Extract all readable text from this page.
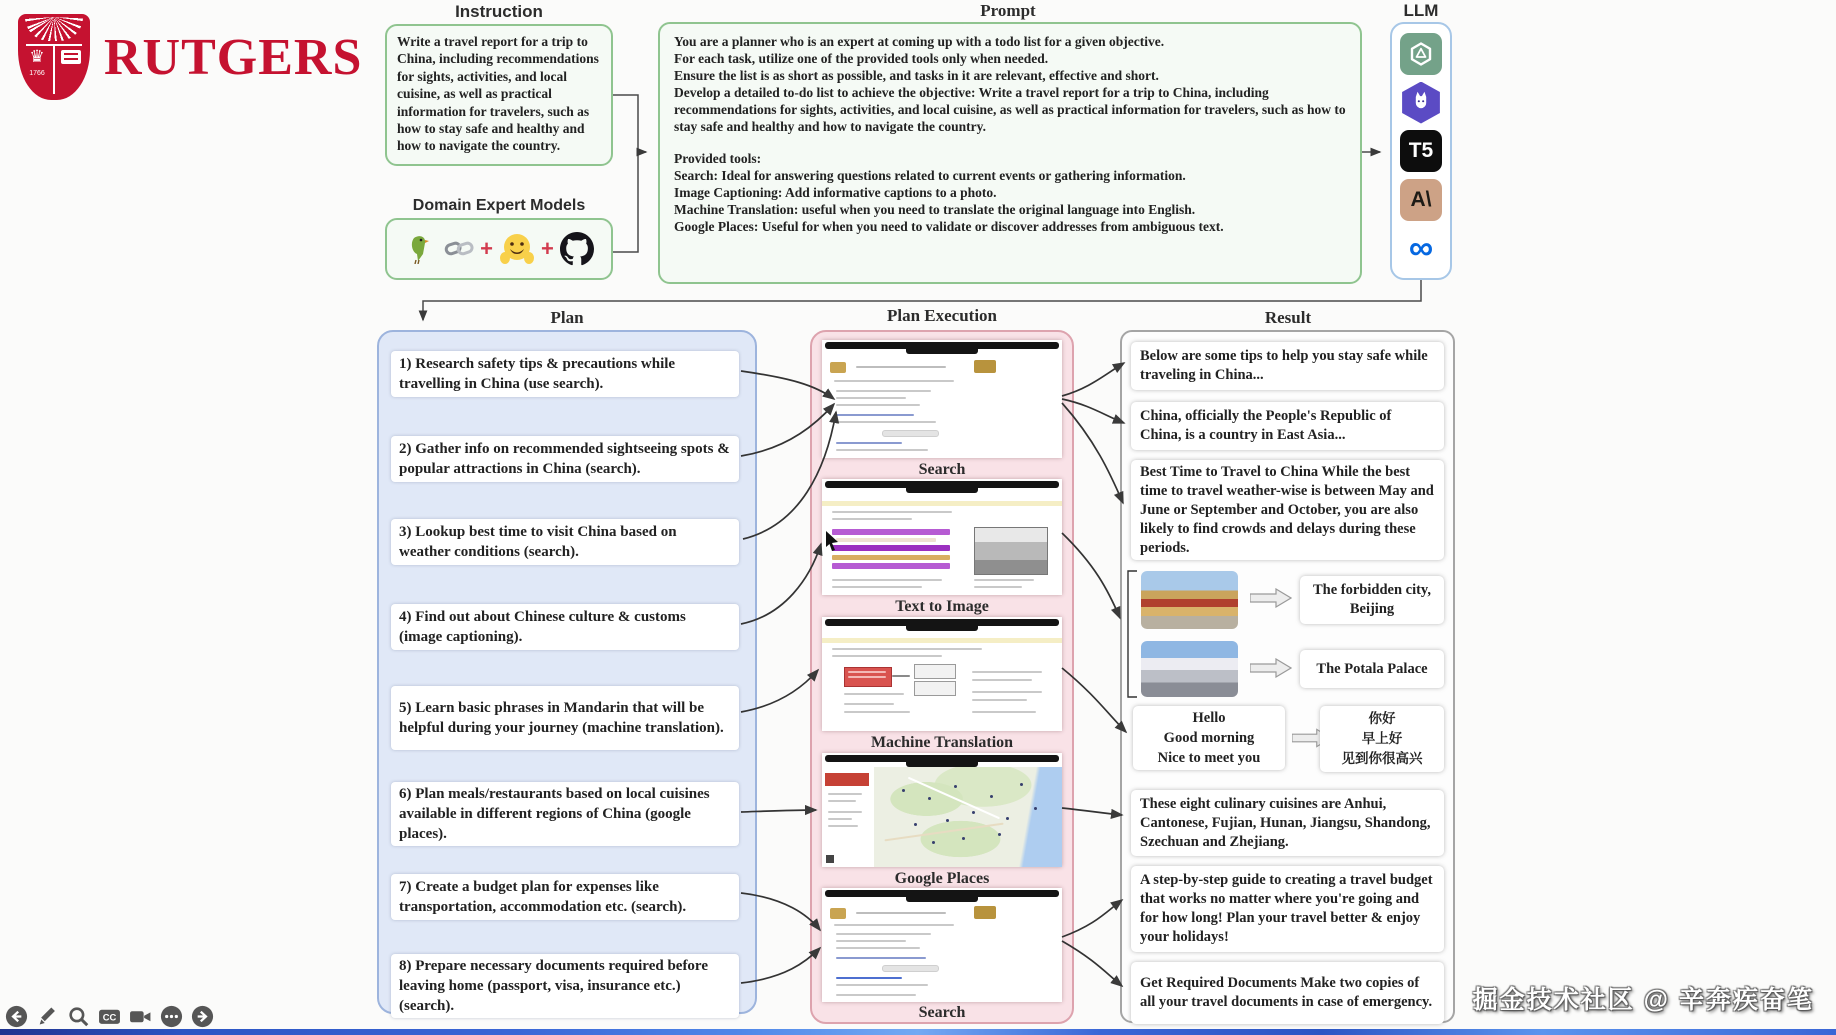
♛
1766 RUTGERS
Instruction
Domain Expert Models
Prompt	LLM
Write a travel report for a trip to China, including recommendations for sights, activities, and local cuisine, as well as practical information for travelers, such as how to stay safe and healthy and how to navigate the country.
+ +
You are a planner who is an expert at coming up with a todo list for a given objective.
For each task, utilize one of the provided tools only when needed.
Ensure the list is as short as possible, and tasks in it are relevant, effective and short.
Develop a detailed to-do list to achieve the objective: Write a travel report for a trip to China, including recommendations for sights, activities, and local cuisine, as well as practical information for travelers, such as how to stay safe and healthy and how to navigate the country.
Provided tools:
Search: Ideal for answering questions related to current events or gathering information.
Image Captioning: Add informative captions to a photo.
Machine Translation: useful when you need to translate the original language into English.
Google Places: Useful for when you need to validate or discover addresses from ambiguous text.
T5
A\
∞
Plan	Plan Execution	Result
1) Research safety tips & precautions while travelling in China (use search).
2) Gather info on recommended sightseeing spots & popular attractions in China (search).
3) Lookup best time to visit China based on weather conditions (search).
4) Find out about Chinese culture & customs (image captioning).
5) Learn basic phrases in Mandarin that will be helpful during your journey (machine translation).
6) Plan meals/restaurants based on local cuisines available in different regions of China (google places).
7) Create a budget plan for expenses like transportation, accommodation etc. (search).
8) Prepare necessary documents required before leaving home (passport, visa, insurance etc.)(search).
Search
Text to Image
Machine Translation
Google Places
Search
Below are some tips to help you stay safe while traveling in China...
China, officially the People's Republic of China, is a country in East Asia...
Best Time to Travel to China While the best time to travel weather-wise is between May and June or September and October, you are also likely to find crowds and delays during these periods.
The forbidden city, Beijing
The Potala Palace
Hello
Good morning
Nice to meet you
你好
早上好
见到你很高兴
These eight culinary cuisines are Anhui, Cantonese, Fujian, Hunan, Jiangsu, Shandong, Szechuan and Zhejiang.
A step-by-step guide to creating a travel budget that works no matter where you're going and for how long! Plan your travel better & enjoy your holidays!
Get Required Documents Make two copies of all your travel documents in case of emergency.
CC
掘金技术社区 @ 辛奔疾奋笔
